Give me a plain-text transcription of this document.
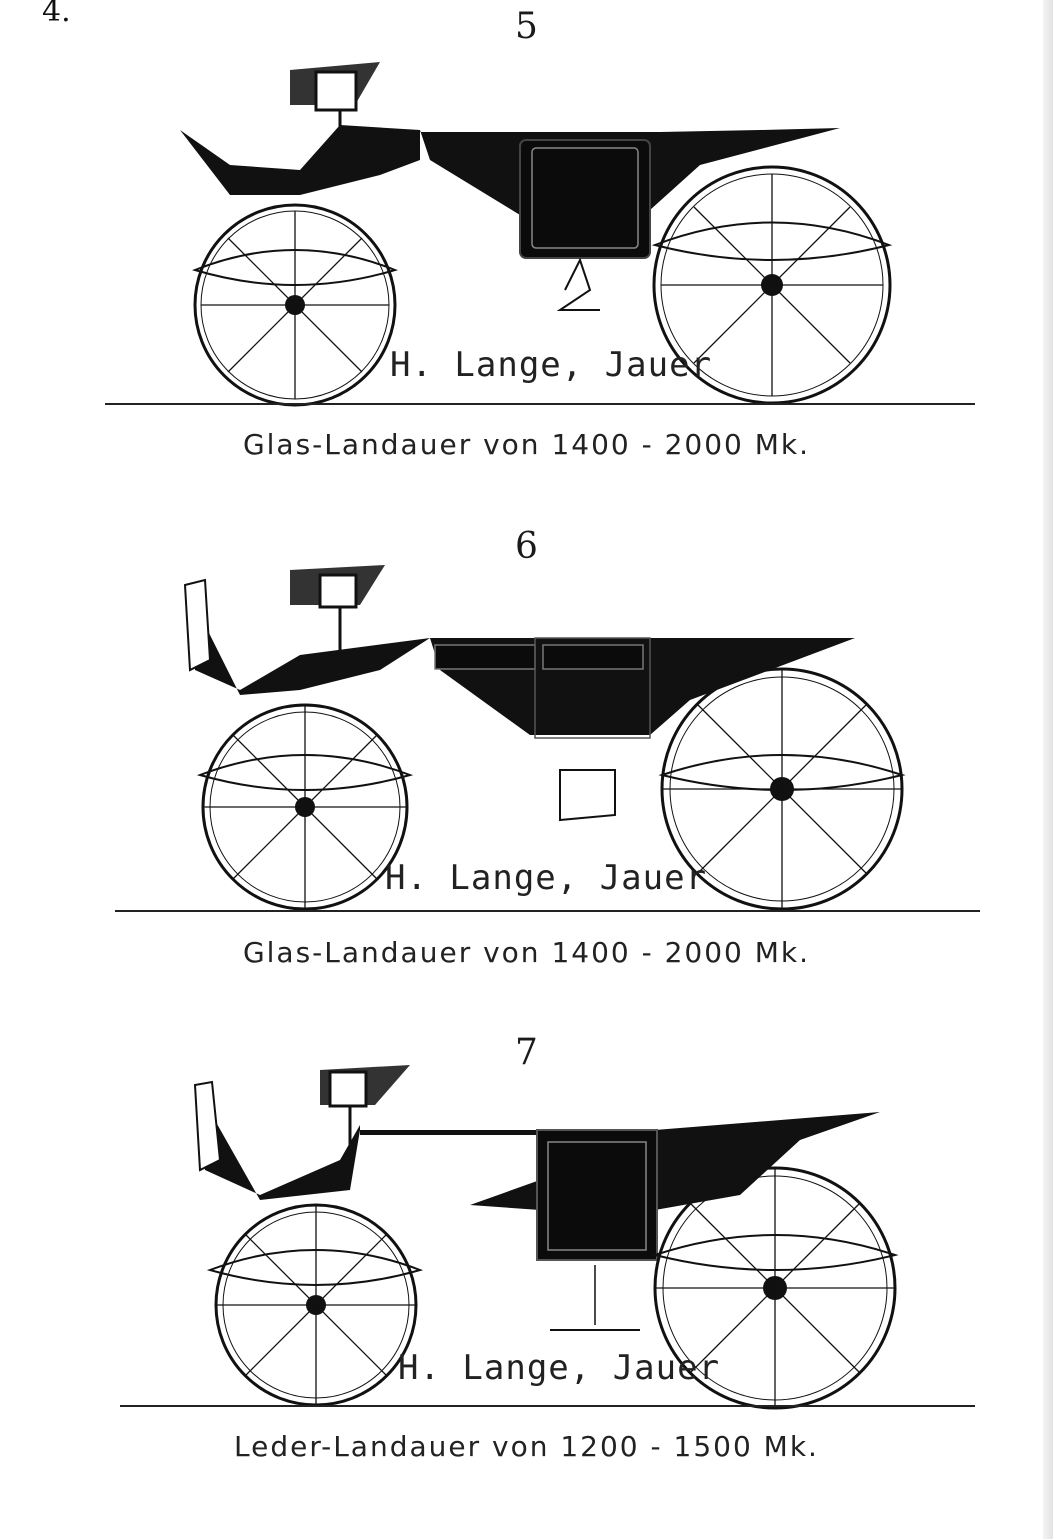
4.	5
H. Lange, Jauer
Glas-Landauer von 1400 - 2000 Mk.
6
H. Lange, Jauer
Glas-Landauer von 1400 - 2000 Mk.
7
H. Lange, Jauer
Leder-Landauer von 1200 - 1500 Mk.
